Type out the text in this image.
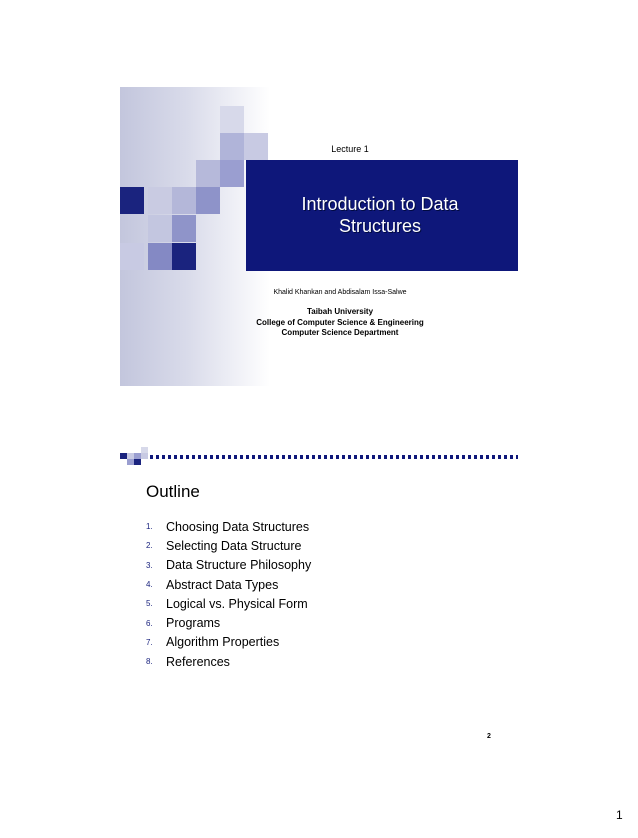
Lecture 1
Introduction to Data
Structures
Khalid Khankan and Abdisalam Issa-Salwe
Taibah University
College of Computer Science & Engineering
Computer Science Department
Outline
1.	Choosing Data Structures
2.	Selecting Data Structure
3.	Data Structure Philosophy
4.	Abstract Data Types
5.	Logical vs. Physical Form
6.	Programs
7.	Algorithm Properties
8.	References
2
1
